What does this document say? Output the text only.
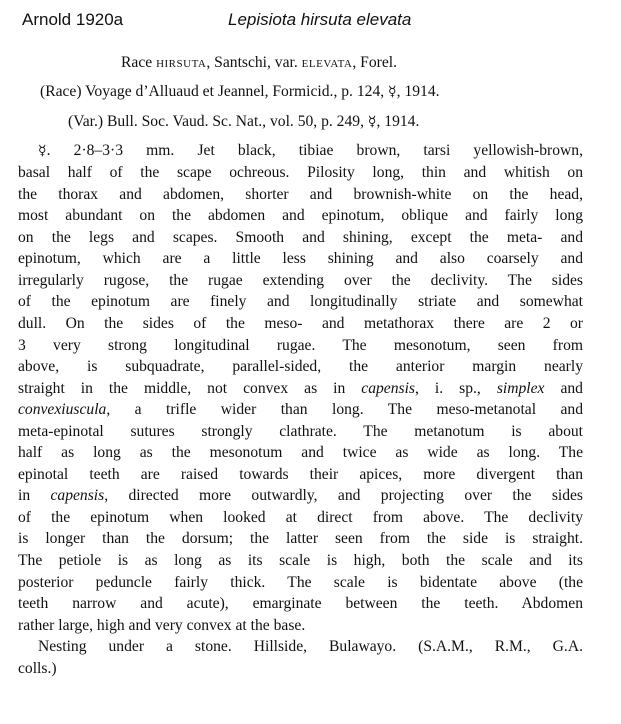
Arnold 1920a	Lepisiota hirsuta elevata
Race hirsuta, Santschi, var. elevata, Forel.
(Race) Voyage d’Alluaud et Jeannel, Formicid., p. 124, ☿, 1914.
(Var.) Bull. Soc. Vaud. Sc. Nat., vol. 50, p. 249, ☿, 1914.
☿. 2·8–3·3 mm. Jet black, tibiae brown, tarsi yellowish-brown,
basal half of the scape ochreous. Pilosity long, thin and whitish on
the thorax and abdomen, shorter and brownish-white on the head,
most abundant on the abdomen and epinotum, oblique and fairly long
on the legs and scapes. Smooth and shining, except the meta- and
epinotum, which are a little less shining and also coarsely and
irregularly rugose, the rugae extending over the declivity. The sides
of the epinotum are finely and longitudinally striate and somewhat
dull. On the sides of the meso- and metathorax there are 2 or
3 very strong longitudinal rugae. The mesonotum, seen from
above, is subquadrate, parallel-sided, the anterior margin nearly
straight in the middle, not convex as in capensis, i. sp., simplex and
convexiuscula, a trifle wider than long. The meso-metanotal and
meta-epinotal sutures strongly clathrate. The metanotum is about
half as long as the mesonotum and twice as wide as long. The
epinotal teeth are raised towards their apices, more divergent than
in capensis, directed more outwardly, and projecting over the sides
of the epinotum when looked at direct from above. The declivity
is longer than the dorsum; the latter seen from the side is straight.
The petiole is as long as its scale is high, both the scale and its
posterior peduncle fairly thick. The scale is bidentate above (the
teeth narrow and acute), emarginate between the teeth. Abdomen
rather large, high and very convex at the base.
Nesting under a stone. Hillside, Bulawayo. (S.A.M., R.M., G.A.
colls.)
